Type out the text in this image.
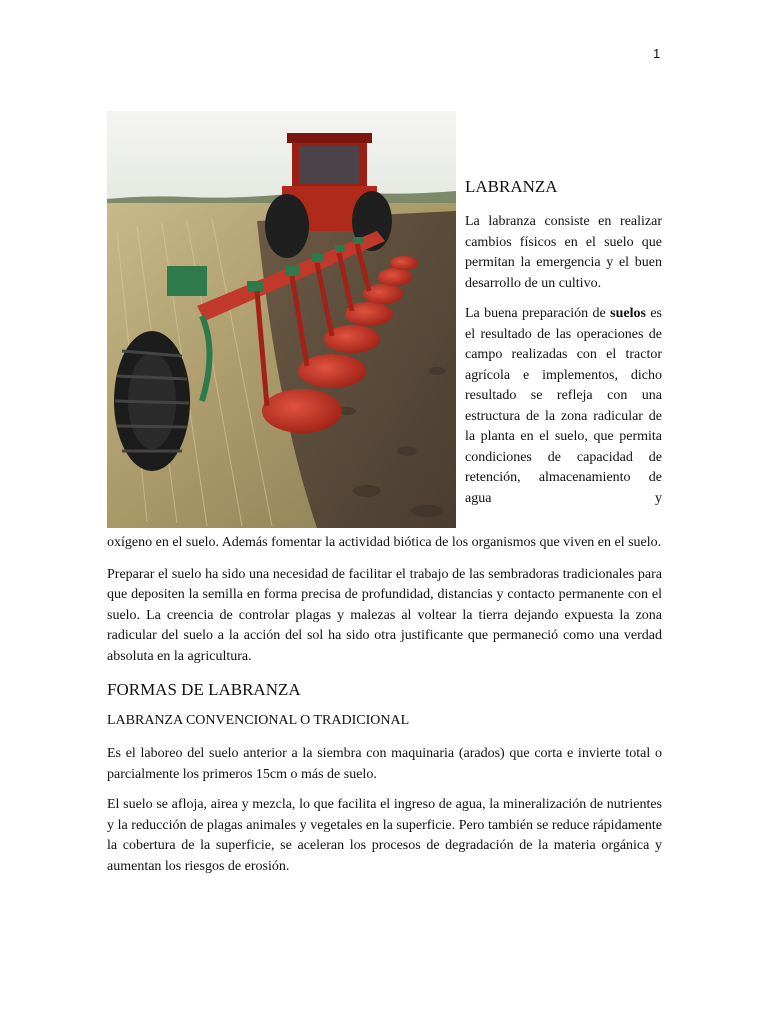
1
LABRANZA

La labranza consiste en realizar cambios físicos en el suelo que permitan la emergencia y el buen desarrollo de un cultivo.

La buena preparación de suelos es el resultado de las operaciones de campo realizadas con el tractor agrícola e implementos, dicho resultado se refleja con una estructura de la zona radicular de la planta en el suelo, que permita condiciones de capacidad de retención, almacenamiento de agua y

oxígeno en el suelo. Además fomentar la actividad biótica de los organismos que viven en el suelo.

Preparar el suelo ha sido una necesidad de facilitar el trabajo de las sembradoras tradicionales para que depositen la semilla en forma precisa de profundidad, distancias y contacto permanente con el suelo. La creencia de controlar plagas y malezas al voltear la tierra dejando expuesta la zona radicular del suelo a la acción del sol ha sido otra justificante que permaneció como una verdad absoluta en la agricultura.

FORMAS DE LABRANZA
LABRANZA CONVENCIONAL O TRADICIONAL

Es el laboreo del suelo anterior a la siembra con maquinaria (arados) que corta e invierte total o parcialmente los primeros 15cm o más de suelo.

El suelo se afloja, airea y mezcla, lo que facilita el ingreso de agua, la mineralización de nutrientes y la reducción de plagas animales y vegetales en la superficie. Pero también se reduce rápidamente la cobertura de la superficie, se aceleran los procesos de degradación de la materia orgánica y aumentan los riesgos de erosión.
